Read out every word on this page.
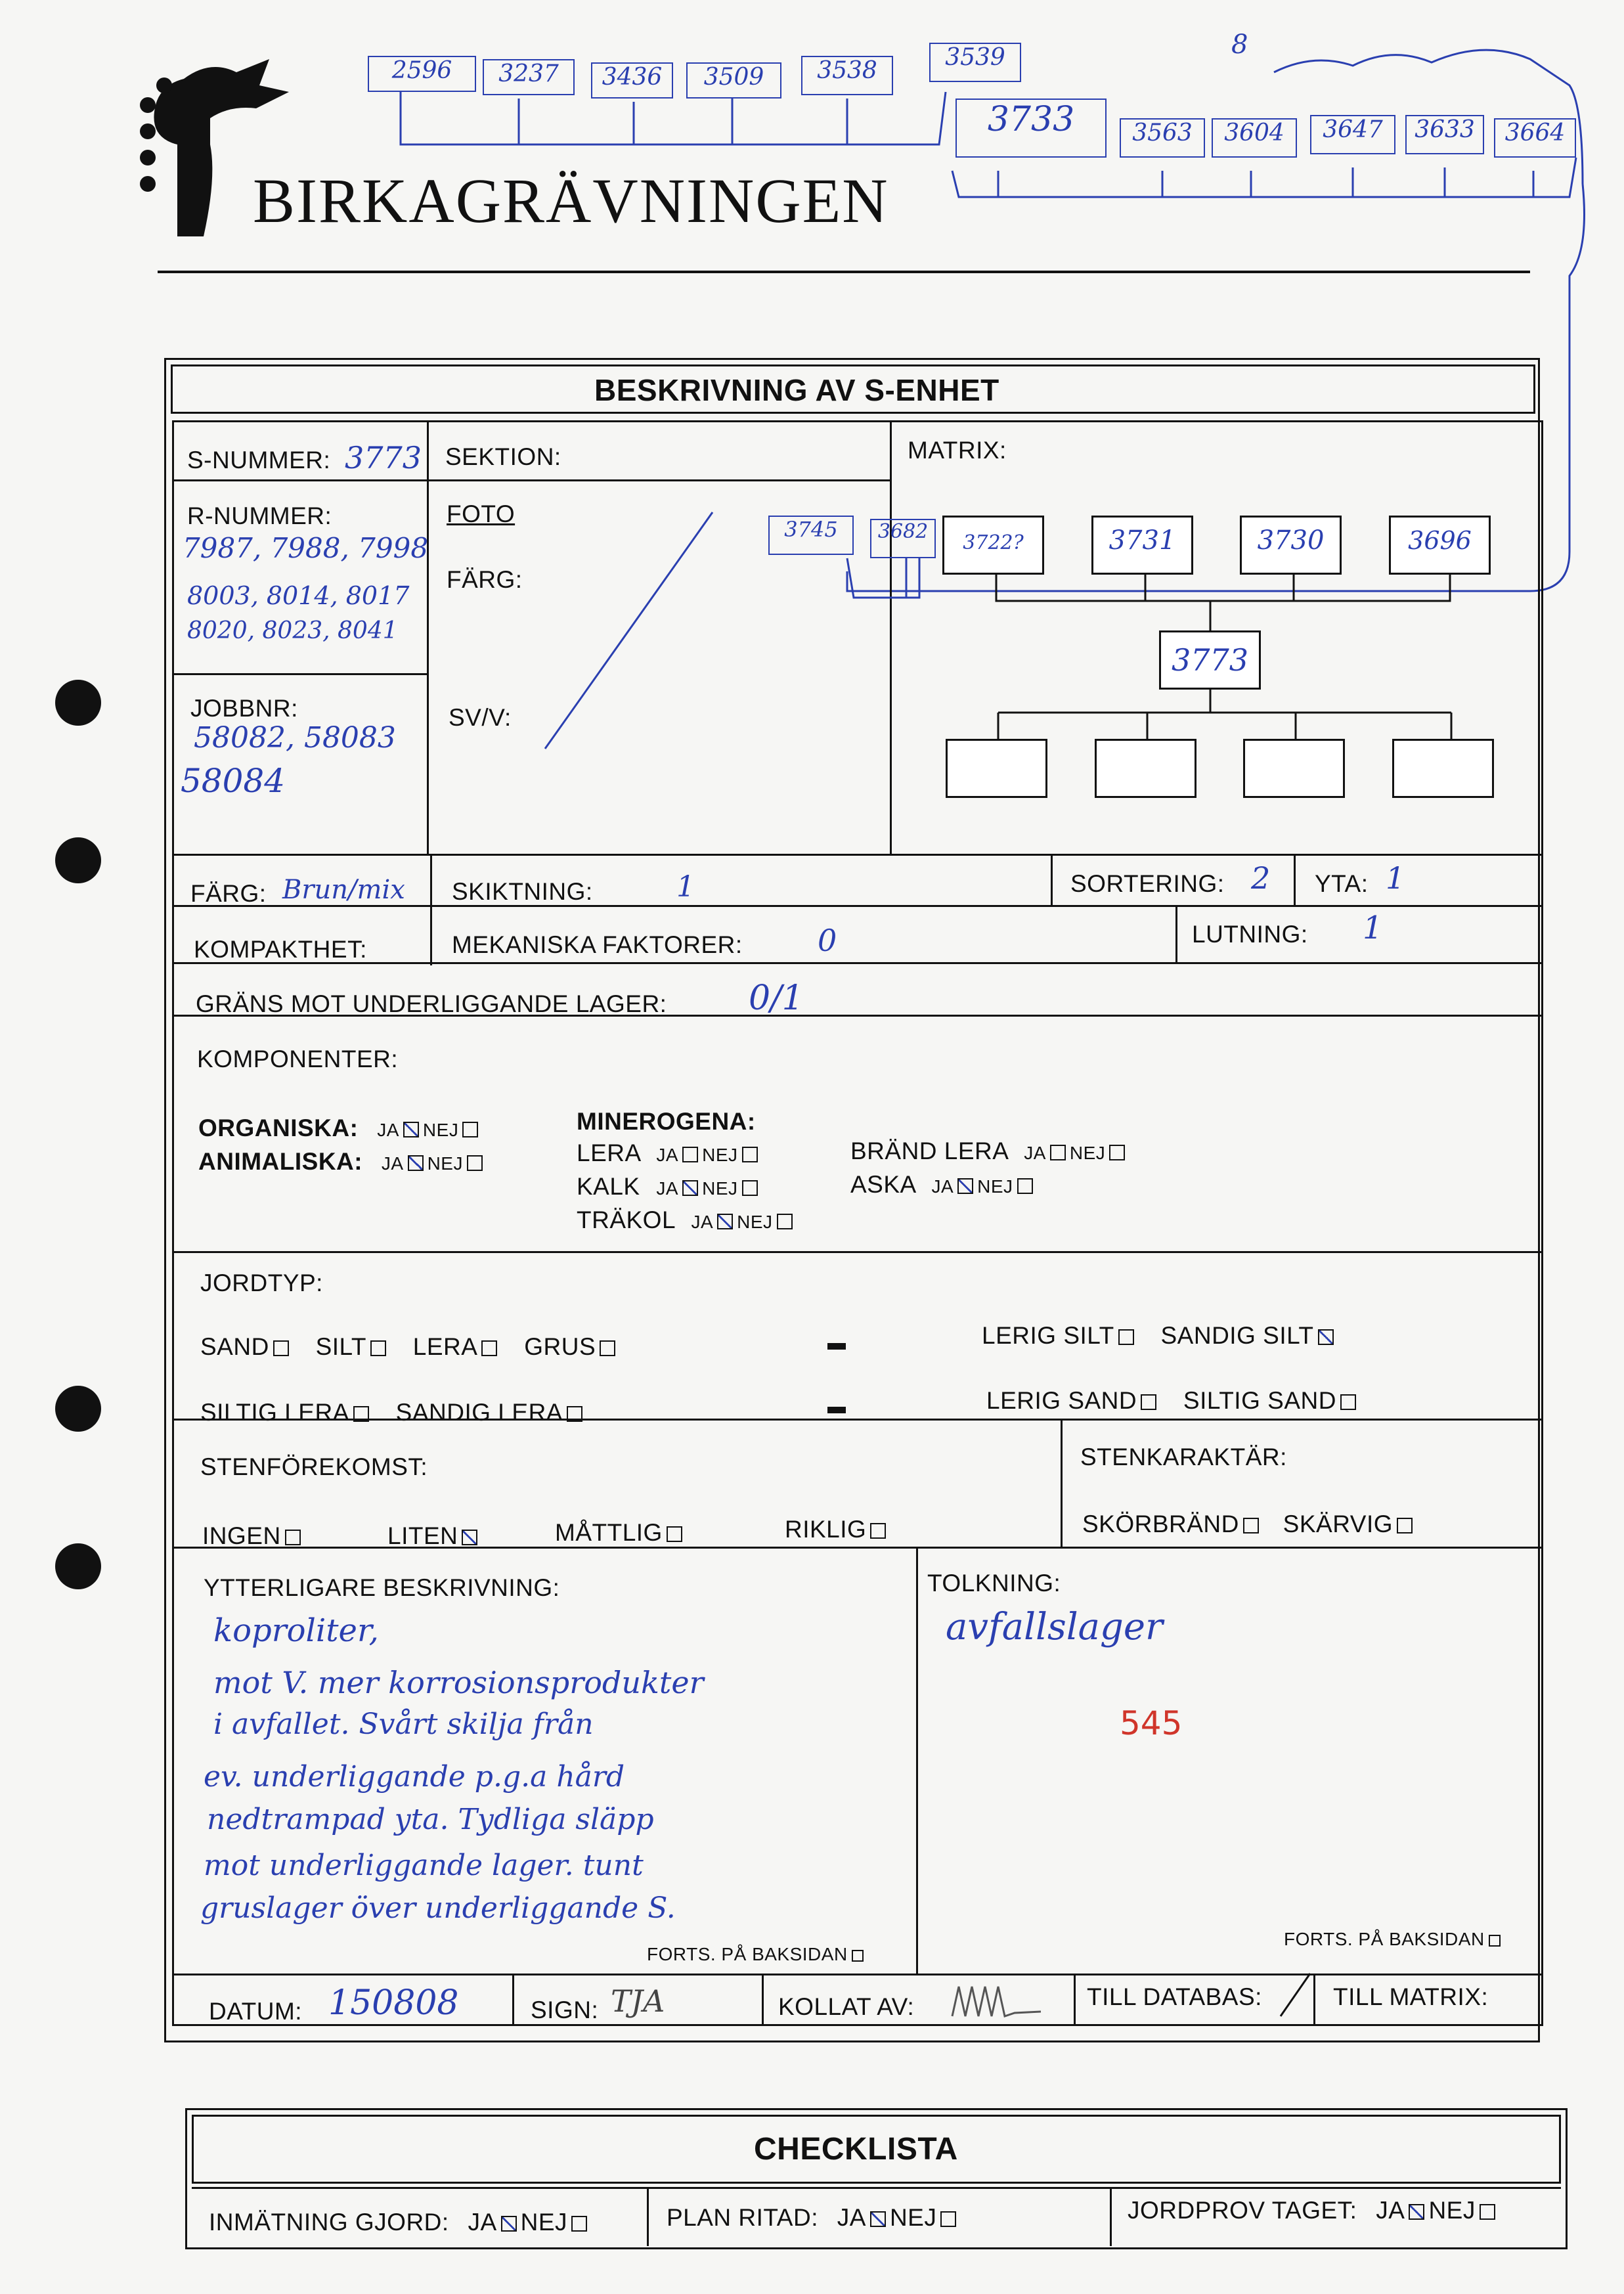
BIRKAGRÄVNINGEN
2596	3237	3436	3509	3538	3539
3733	3563	3604	3647	3633	3664
8
BESKRIVNING AV S-ENHET
S-NUMMER: 3773 SEKTION:	MATRIX:
R-NUMMER:
7987, 7988, 7998
8003, 8014, 8017
8020, 8023, 8041
FOTO
FÄRG:
SV/V:
JOBBNR:
58082, 58083
58084
3745	3682	3722?	3731	3730	3696
3773
FÄRG: Brun/mix SKIKTNING:	1	SORTERING: 2 YTA: 1
KOMPAKTHET:	MEKANISKA FAKTORER: 0	LUTNING: 1
GRÄNS MOT UNDERLIGGANDE LAGER: 0/1
KOMPONENTER:
ORGANISKA: JA NEJ
ANIMALISKA: JA NEJ
MINEROGENA:
LERA JA NEJ
KALK JA NEJ
TRÄKOL JA NEJ
BRÄND LERA JA NEJ
ASKA JA NEJ
JORDTYP:
SAND SILT LERA GRUS	LERIG SILT SANDIG SILT
SILTIG LERA SANDIG LERA	LERIG SAND SILTIG SAND
STENFÖREKOMST:
INGEN	LITEN	MÅTTLIG	RIKLIG
STENKARAKTÄR:
SKÖRBRÄND SKÄRVIG
YTTERLIGARE BESKRIVNING:
koproliter,
mot V. mer korrosionsprodukter
i avfallet. Svårt skilja från
ev. underliggande p.g.a hård
nedtrampad yta. Tydliga släpp
mot underliggande lager. tunt
gruslager över underliggande S.
FORTS. PÅ BAKSIDAN
TOLKNING:
avfallslager
545
FORTS. PÅ BAKSIDAN
DATUM: 150808	SIGN: TJA	KOLLAT AV:	TILL DATABAS:	TILL MATRIX:
CHECKLISTA
INMÄTNING GJORD: JA NEJ	PLAN RITAD: JA NEJ	JORDPROV TAGET: JA NEJ
